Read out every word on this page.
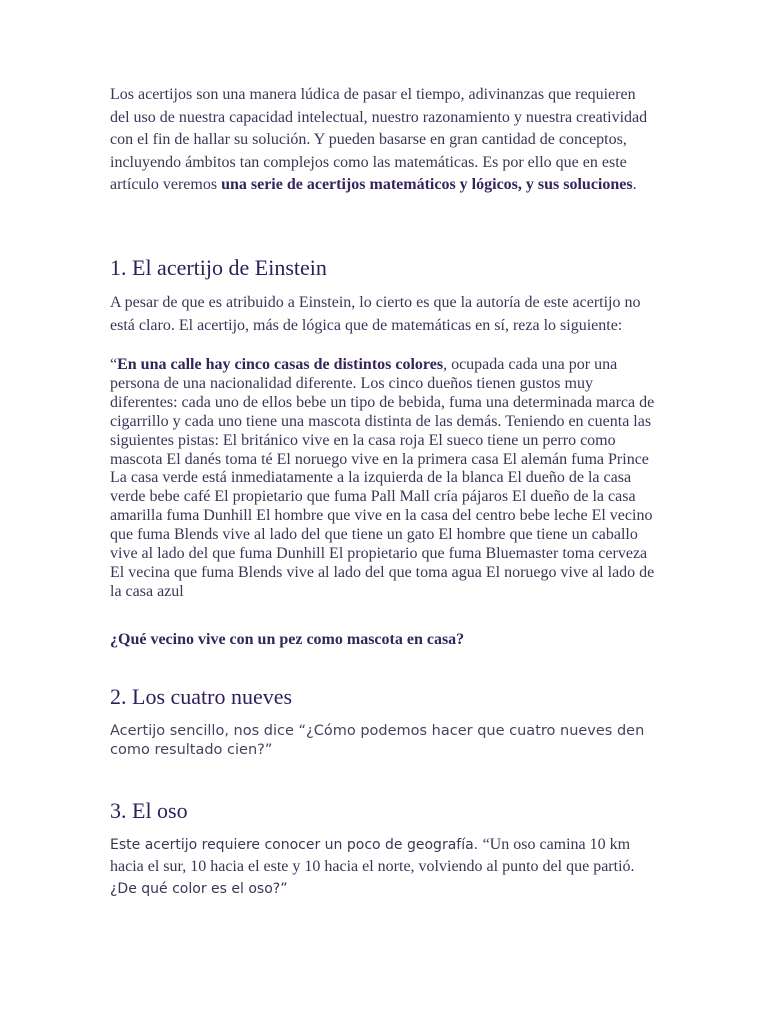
Los acertijos son una manera lúdica de pasar el tiempo, adivinanzas que requieren del uso de nuestra capacidad intelectual, nuestro razonamiento y nuestra creatividad con el fin de hallar su solución. Y pueden basarse en gran cantidad de conceptos, incluyendo ámbitos tan complejos como las matemáticas. Es por ello que en este artículo veremos una serie de acertijos matemáticos y lógicos, y sus soluciones.

1. El acertijo de Einstein

A pesar de que es atribuido a Einstein, lo cierto es que la autoría de este acertijo no está claro. El acertijo, más de lógica que de matemáticas en sí, reza lo siguiente:

“En una calle hay cinco casas de distintos colores, ocupada cada una por una persona de una nacionalidad diferente. Los cinco dueños tienen gustos muy diferentes: cada uno de ellos bebe un tipo de bebida, fuma una determinada marca de cigarrillo y cada uno tiene una mascota distinta de las demás. Teniendo en cuenta las siguientes pistas: El británico vive en la casa roja El sueco tiene un perro como mascota El danés toma té El noruego vive en la primera casa El alemán fuma Prince La casa verde está inmediatamente a la izquierda de la blanca El dueño de la casa verde bebe café El propietario que fuma Pall Mall cría pájaros El dueño de la casa amarilla fuma Dunhill El hombre que vive en la casa del centro bebe leche El vecino que fuma Blends vive al lado del que tiene un gato El hombre que tiene un caballo vive al lado del que fuma Dunhill El propietario que fuma Bluemaster toma cerveza El vecina que fuma Blends vive al lado del que toma agua El noruego vive al lado de la casa azul

¿Qué vecino vive con un pez como mascota en casa?

2. Los cuatro nueves

Acertijo sencillo, nos dice “¿Cómo podemos hacer que cuatro nueves den como resultado cien?”

3. El oso

Este acertijo requiere conocer un poco de geografía. “Un oso camina 10 km hacia el sur, 10 hacia el este y 10 hacia el norte, volviendo al punto del que partió. ¿De qué color es el oso?”
